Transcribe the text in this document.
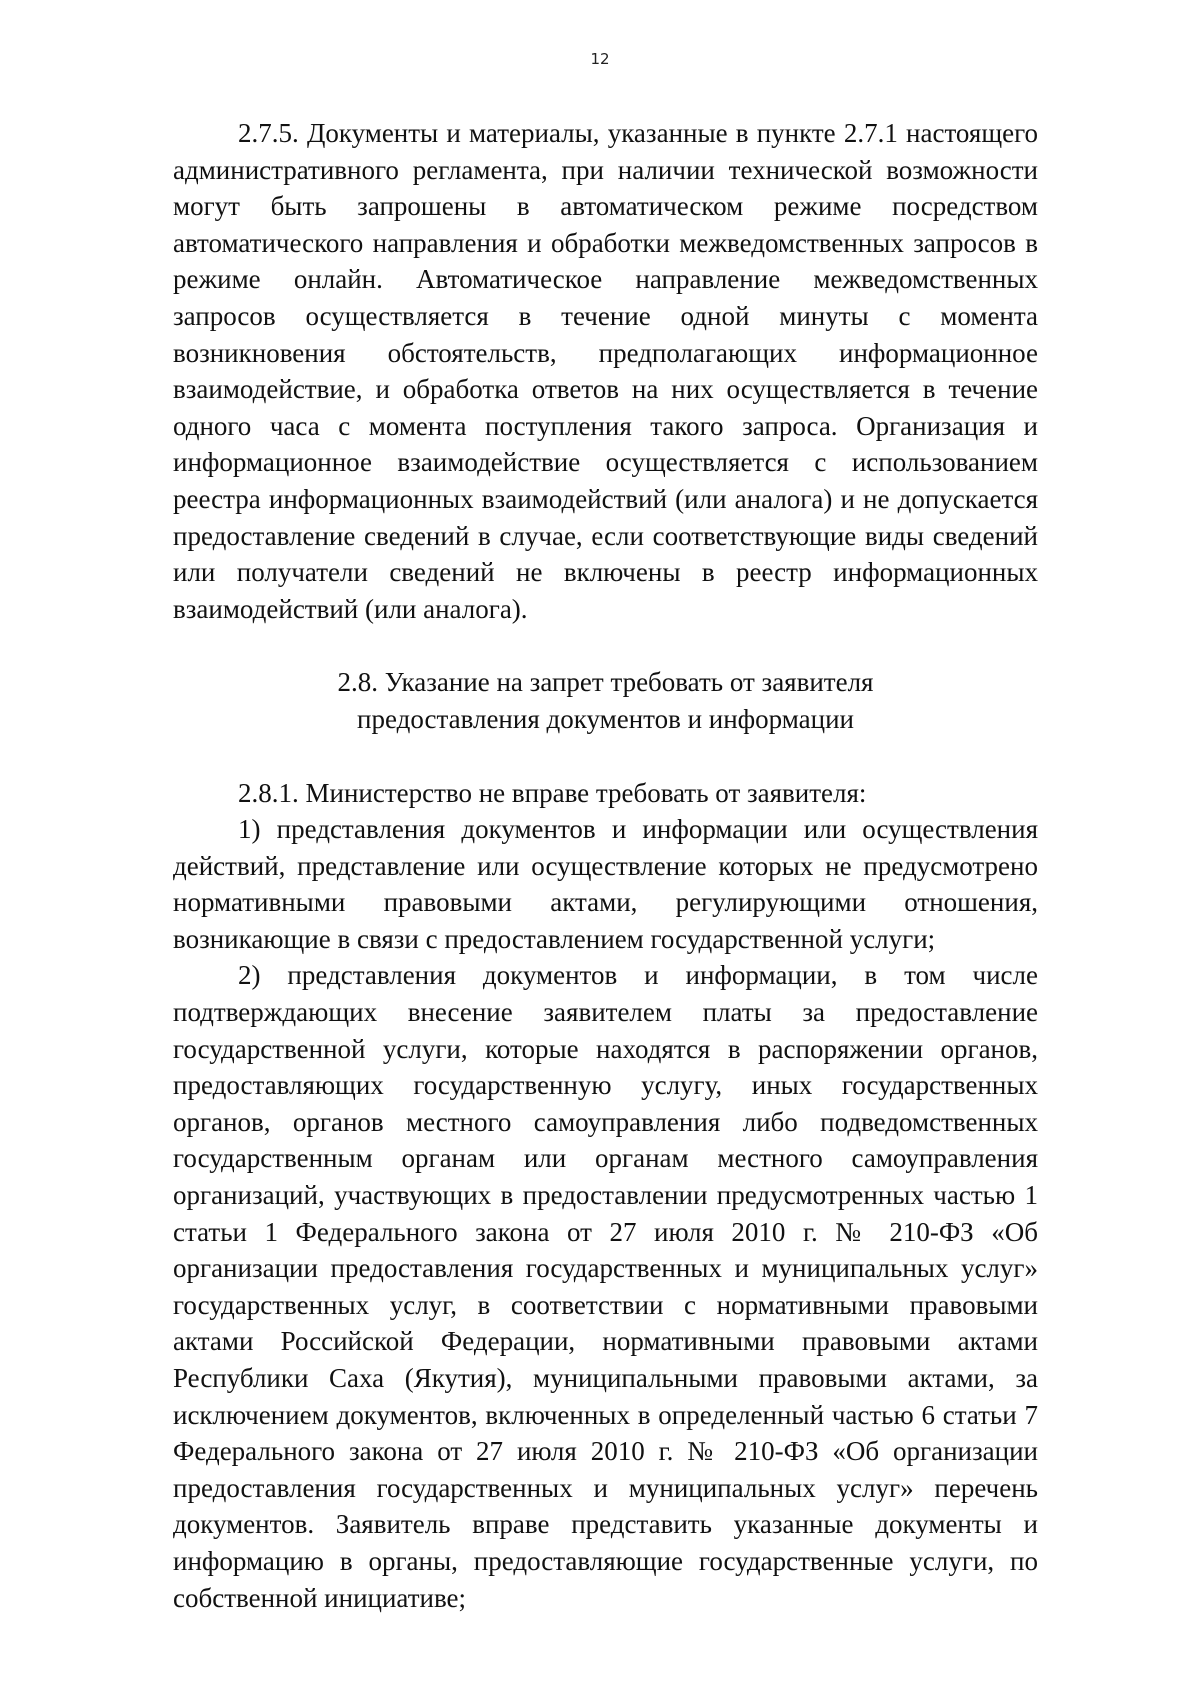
12

2.7.5. Документы и материалы, указанные в пункте 2.7.1 настоящего административного регламента, при наличии технической возможности могут быть запрошены в автоматическом режиме посредством автоматического направления и обработки межведомственных запросов в режиме онлайн. Автоматическое направление межведомственных запросов осуществляется в течение одной минуты с момента возникновения обстоятельств, предполагающих информационное взаимодействие, и обработка ответов на них осуществляется в течение одного часа с момента поступления такого запроса. Организация и информационное взаимодействие осуществляется с использованием реестра информационных взаимодействий (или аналога) и не допускается предоставление сведений в случае, если соответствующие виды сведений или получатели сведений не включены в реестр информационных взаимодействий (или аналога).

2.8. Указание на запрет требовать от заявителя
предоставления документов и информации

2.8.1. Министерство не вправе требовать от заявителя:

1) представления документов и информации или осуществления действий, представление или осуществление которых не предусмотрено нормативными правовыми актами, регулирующими отношения, возникающие в связи с предоставлением государственной услуги;

2) представления документов и информации, в том числе подтверждающих внесение заявителем платы за предоставление государственной услуги, которые находятся в распоряжении органов, предоставляющих государственную услугу, иных государственных органов, органов местного самоуправления либо подведомственных государственным органам или органам местного самоуправления организаций, участвующих в предоставлении предусмотренных частью 1 статьи 1 Федерального закона от 27 июля 2010 г. № 210-ФЗ «Об организации предоставления государственных и муниципальных услуг» государственных услуг, в соответствии с нормативными правовыми актами Российской Федерации, нормативными правовыми актами Республики Саха (Якутия), муниципальными правовыми актами, за исключением документов, включенных в определенный частью 6 статьи 7 Федерального закона от 27 июля 2010 г. № 210-ФЗ «Об организации предоставления государственных и муниципальных услуг» перечень документов. Заявитель вправе представить указанные документы и информацию в органы, предоставляющие государственные услуги, по собственной инициативе;
